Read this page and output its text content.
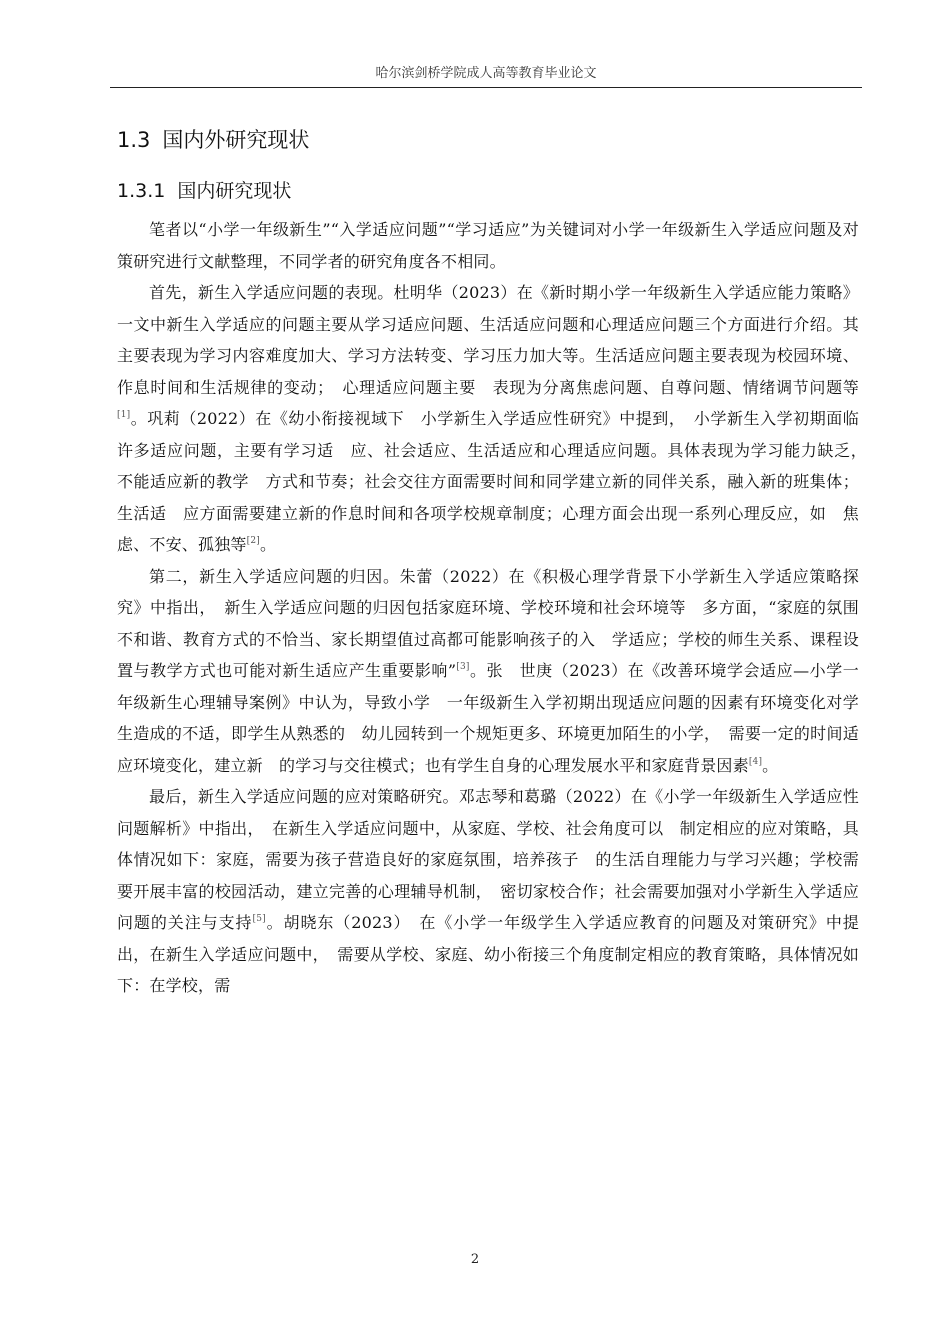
哈尔滨剑桥学院成人高等教育毕业论文
1.3 国内外研究现状
1.3.1 国内研究现状

笔者以“小学一年级新生”“入学适应问题”“学习适应”为关键词对小学一年级新生入学适应问题及对策研究进行文献整理，不同学者的研究角度各不相同。

首先，新生入学适应问题的表现。杜明华（2023）在《新时期小学一年级新生入学适应能力策略》一文中新生入学适应的问题主要从学习适应问题、生活适应问题和心理适应问题三个方面进行介绍。其主要表现为学习内容难度加大、学习方法转变、学习压力加大等。生活适应问题主要表现为校园环境、作息时间和生活规律的变动；　心理适应问题主要　表现为分离焦虑问题、自尊问题、情绪调节问题等[1]。巩莉（2022）在《幼小衔接视域下　小学新生入学适应性研究》中提到，　小学新生入学初期面临许多适应问题，主要有学习适　应、社会适应、生活适应和心理适应问题。具体表现为学习能力缺乏，　不能适应新的教学　方式和节奏；社会交往方面需要时间和同学建立新的同伴关系，融入新的班集体；生活适　应方面需要建立新的作息时间和各项学校规章制度；心理方面会出现一系列心理反应，如　焦虑、不安、孤独等[2]。

第二，新生入学适应问题的归因。朱蕾（2022）在《积极心理学背景下小学新生入学适应策略探究》中指出，　新生入学适应问题的归因包括家庭环境、学校环境和社会环境等　多方面，“家庭的氛围不和谐、教育方式的不恰当、家长期望值过高都可能影响孩子的入　学适应；学校的师生关系、课程设置与教学方式也可能对新生适应产生重要影响”[3]。张　世庚（2023）在《改善环境学会适应—小学一年级新生心理辅导案例》中认为，导致小学　一年级新生入学初期出现适应问题的因素有环境变化对学生造成的不适，即学生从熟悉的　幼儿园转到一个规矩更多、环境更加陌生的小学，　需要一定的时间适应环境变化，建立新　的学习与交往模式；也有学生自身的心理发展水平和家庭背景因素[4]。

最后，新生入学适应问题的应对策略研究。邓志琴和葛璐（2022）在《小学一年级新生入学适应性问题解析》中指出，　在新生入学适应问题中，从家庭、学校、社会角度可以　制定相应的应对策略，具体情况如下：家庭，需要为孩子营造良好的家庭氛围，培养孩子　的生活自理能力与学习兴趣；学校需要开展丰富的校园活动，建立完善的心理辅导机制，　密切家校合作；社会需要加强对小学新生入学适应问题的关注与支持[5]。胡晓东（2023）　在《小学一年级学生入学适应教育的问题及对策研究》中提出，在新生入学适应问题中，　需要从学校、家庭、幼小衔接三个角度制定相应的教育策略，具体情况如下：在学校，需

2
